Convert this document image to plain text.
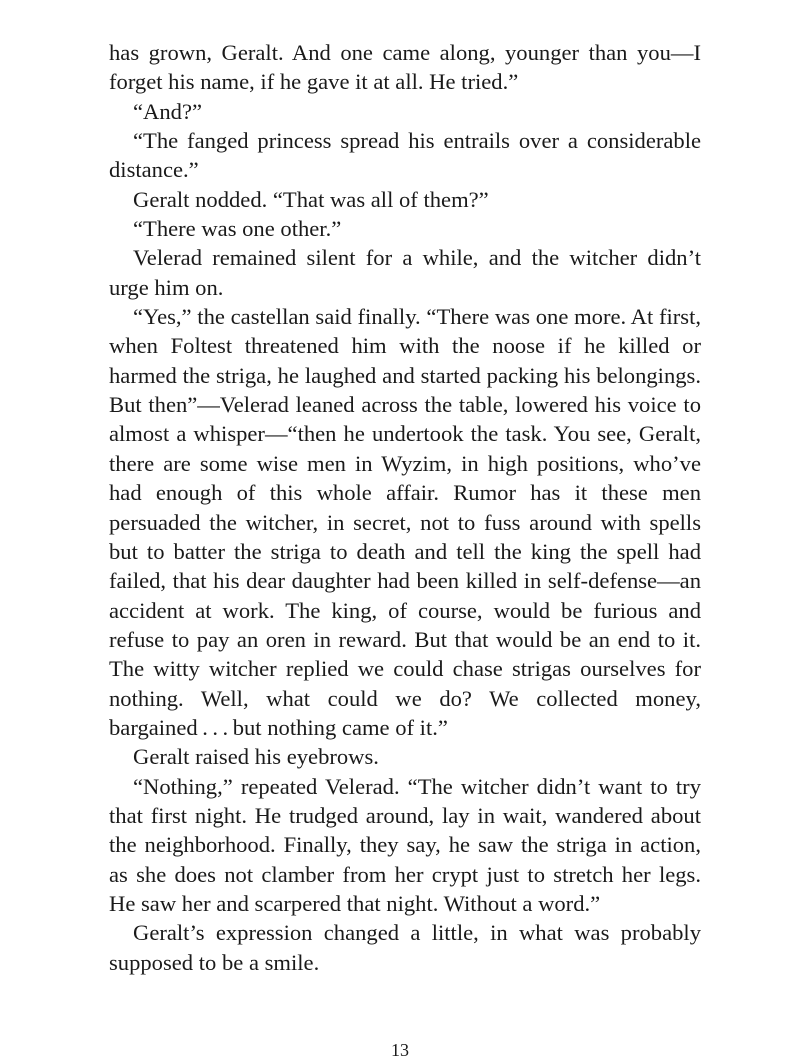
has grown, Geralt. And one came along, younger than you—I forget his name, if he gave it at all. He tried.”

“And?”

“The fanged princess spread his entrails over a considerable distance.”

Geralt nodded. “That was all of them?”

“There was one other.”

Velerad remained silent for a while, and the witcher didn’t urge him on.

“Yes,” the castellan said finally. “There was one more. At first, when Foltest threatened him with the noose if he killed or harmed the striga, he laughed and started packing his belongings. But then”—Velerad leaned across the table, lowered his voice to almost a whisper—“then he undertook the task. You see, Geralt, there are some wise men in Wyzim, in high positions, who’ve had enough of this whole affair. Rumor has it these men persuaded the witcher, in secret, not to fuss around with spells but to batter the striga to death and tell the king the spell had failed, that his dear daughter had been killed in self-defense—an accident at work. The king, of course, would be furious and refuse to pay an oren in reward. But that would be an end to it. The witty witcher replied we could chase strigas ourselves for nothing. Well, what could we do? We collected money, bargained . . . but nothing came of it.”

Geralt raised his eyebrows.

“Nothing,” repeated Velerad. “The witcher didn’t want to try that first night. He trudged around, lay in wait, wandered about the neighborhood. Finally, they say, he saw the striga in action, as she does not clamber from her crypt just to stretch her legs. He saw her and scarpered that night. Without a word.”

Geralt’s expression changed a little, in what was probably supposed to be a smile.

13
